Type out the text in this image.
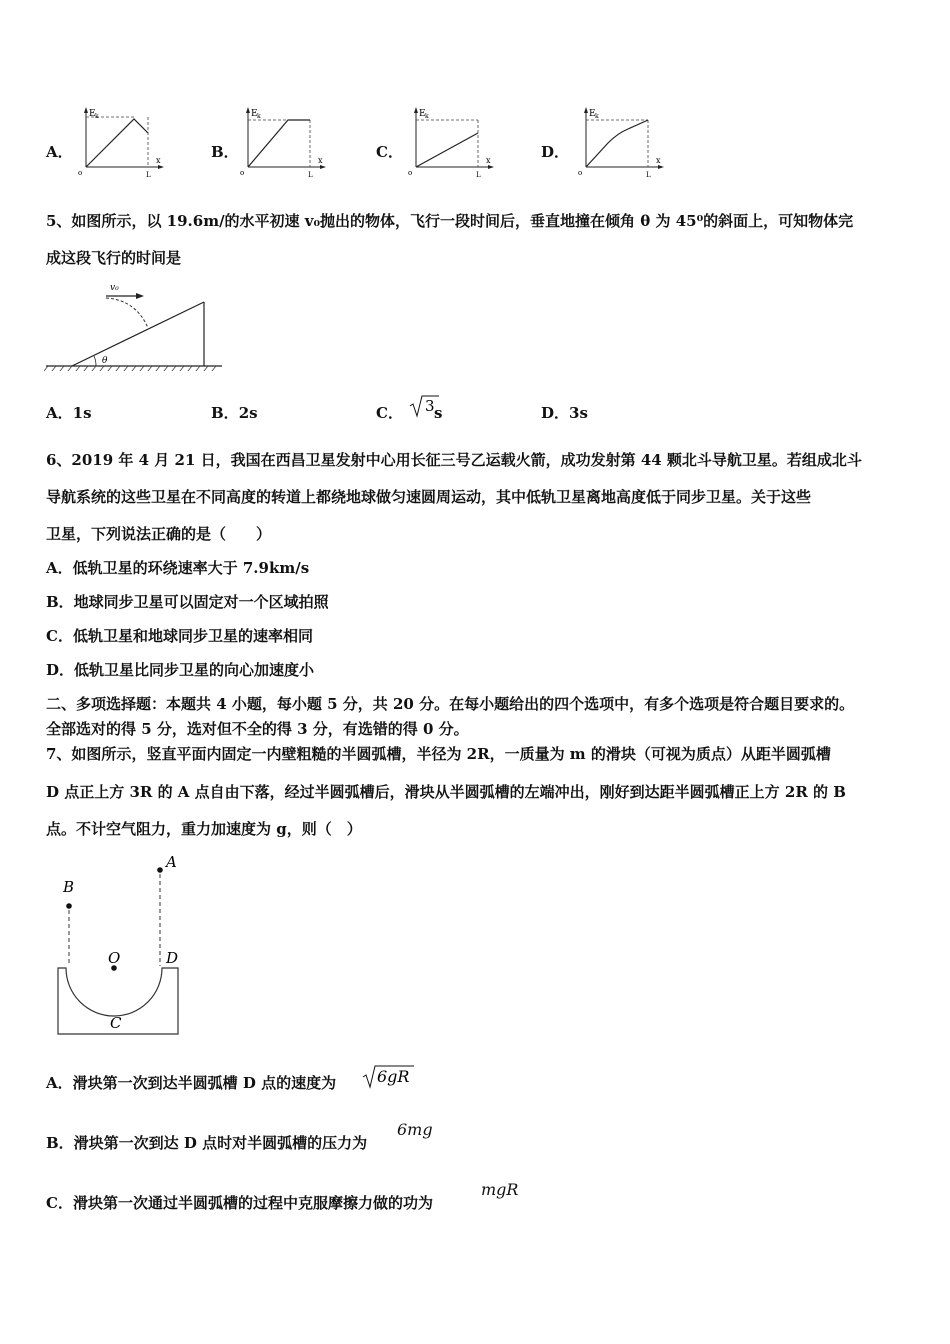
A．	B．	C．	D．
E k
x
o	L
E k
x
o	L
E k
x
o	L
E k
x
o	L
5、如图所示，以 19.6m/的水平初速 v₀抛出的物体，飞行一段时间后，垂直地撞在倾角 θ 为 45⁰的斜面上，可知物体完
成这段飞行的时间是
θ
v₀
A．1s	B．2s	C． 3 s	D．3s
6、2019 年 4 月 21 日，我国在西昌卫星发射中心用长征三号乙运载火箭，成功发射第 44 颗北斗导航卫星。若组成北斗
导航系统的这些卫星在不同高度的转道上都绕地球做匀速圆周运动，其中低轨卫星离地高度低于同步卫星。关于这些
卫星，下列说法正确的是（　　）
A．低轨卫星的环绕速率大于 7.9km/s
B．地球同步卫星可以固定对一个区域拍照
C．低轨卫星和地球同步卫星的速率相同
D．低轨卫星比同步卫星的向心加速度小
二、多项选择题：本题共 4 小题，每小题 5 分，共 20 分。在每小题给出的四个选项中，有多个选项是符合题目要求的。
全部选对的得 5 分，选对但不全的得 3 分，有选错的得 0 分。
7、如图所示，竖直平面内固定一内壁粗糙的半圆弧槽，半径为 2R，一质量为 m 的滑块（可视为质点）从距半圆弧槽
D 点正上方 3R 的 A 点自由下落，经过半圆弧槽后，滑块从半圆弧槽的左端冲出，刚好到达距半圆弧槽正上方 2R 的 B
点。不计空气阻力，重力加速度为 g，则（　）
O	D
C
B
A
A．滑块第一次到达半圆弧槽 D 点的速度为	6gR
B．滑块第一次到达 D 点时对半圆弧槽的压力为
6mg
C．滑块第一次通过半圆弧槽的过程中克服摩擦力做的功为
mgR
